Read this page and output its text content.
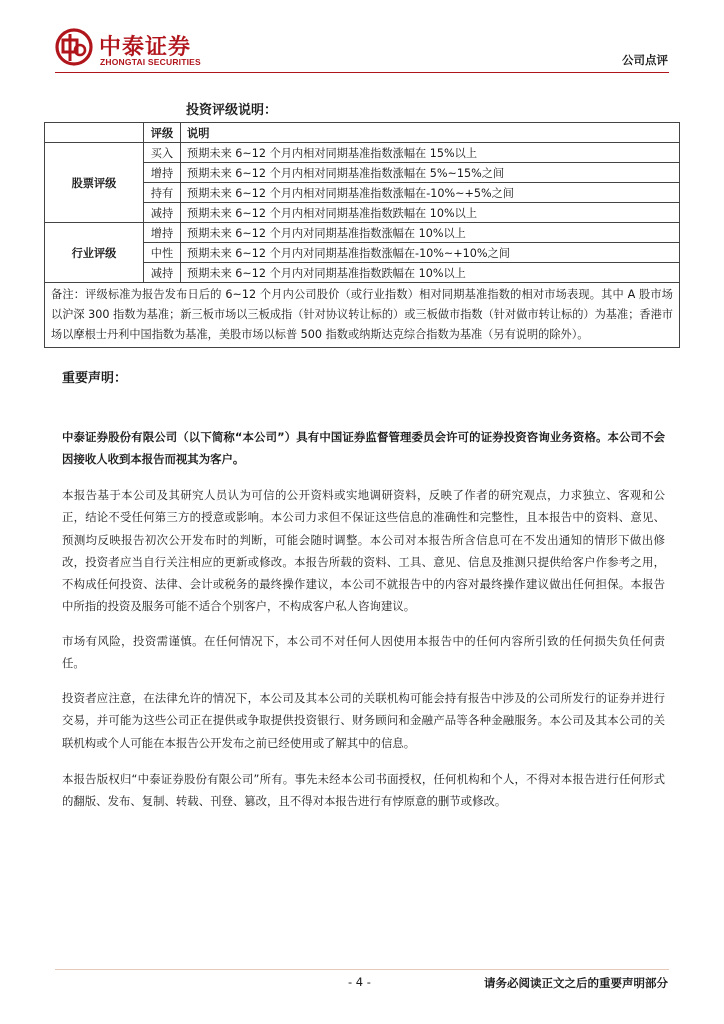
中泰证券
ZHONGTAI SECURITIES	公司点评
投资评级说明：
	评级	说明
股票评级	买入	预期未来 6~12 个月内相对同期基准指数涨幅在 15%以上
	增持	预期未来 6~12 个月内相对同期基准指数涨幅在 5%~15%之间
	持有	预期未来 6~12 个月内相对同期基准指数涨幅在-10%~+5%之间
	减持	预期未来 6~12 个月内相对同期基准指数跌幅在 10%以上
行业评级	增持	预期未来 6~12 个月内对同期基准指数涨幅在 10%以上
	中性	预期未来 6~12 个月内对同期基准指数涨幅在-10%~+10%之间
	减持	预期未来 6~12 个月内对同期基准指数跌幅在 10%以上
备注：评级标准为报告发布日后的 6~12 个月内公司股价（或行业指数）相对同期基准指数的相对市场表现。其中 A 股市场以沪深 300 指数为基准；新三板市场以三板成指（针对协议转让标的）或三板做市指数（针对做市转让标的）为基准；香港市场以摩根士丹利中国指数为基准，美股市场以标普 500 指数或纳斯达克综合指数为基准（另有说明的除外）。		
重要声明：

中泰证券股份有限公司（以下简称“本公司”）具有中国证券监督管理委员会许可的证券投资咨询业务资格。本公司不会因接收人收到本报告而视其为客户。

本报告基于本公司及其研究人员认为可信的公开资料或实地调研资料，反映了作者的研究观点，力求独立、客观和公正，结论不受任何第三方的授意或影响。本公司力求但不保证这些信息的准确性和完整性，且本报告中的资料、意见、预测均反映报告初次公开发布时的判断，可能会随时调整。本公司对本报告所含信息可在不发出通知的情形下做出修改，投资者应当自行关注相应的更新或修改。本报告所载的资料、工具、意见、信息及推测只提供给客户作参考之用，不构成任何投资、法律、会计或税务的最终操作建议，本公司不就报告中的内容对最终操作建议做出任何担保。本报告中所指的投资及服务可能不适合个别客户，不构成客户私人咨询建议。

市场有风险，投资需谨慎。在任何情况下，本公司不对任何人因使用本报告中的任何内容所引致的任何损失负任何责任。

投资者应注意，在法律允许的情况下，本公司及其本公司的关联机构可能会持有报告中涉及的公司所发行的证券并进行交易，并可能为这些公司正在提供或争取提供投资银行、财务顾问和金融产品等各种金融服务。本公司及其本公司的关联机构或个人可能在本报告公开发布之前已经使用或了解其中的信息。

本报告版权归“中泰证券股份有限公司”所有。事先未经本公司书面授权，任何机构和个人，不得对本报告进行任何形式的翻版、发布、复制、转载、刊登、篡改，且不得对本报告进行有悖原意的删节或修改。

- 4 -	请务必阅读正文之后的重要声明部分
